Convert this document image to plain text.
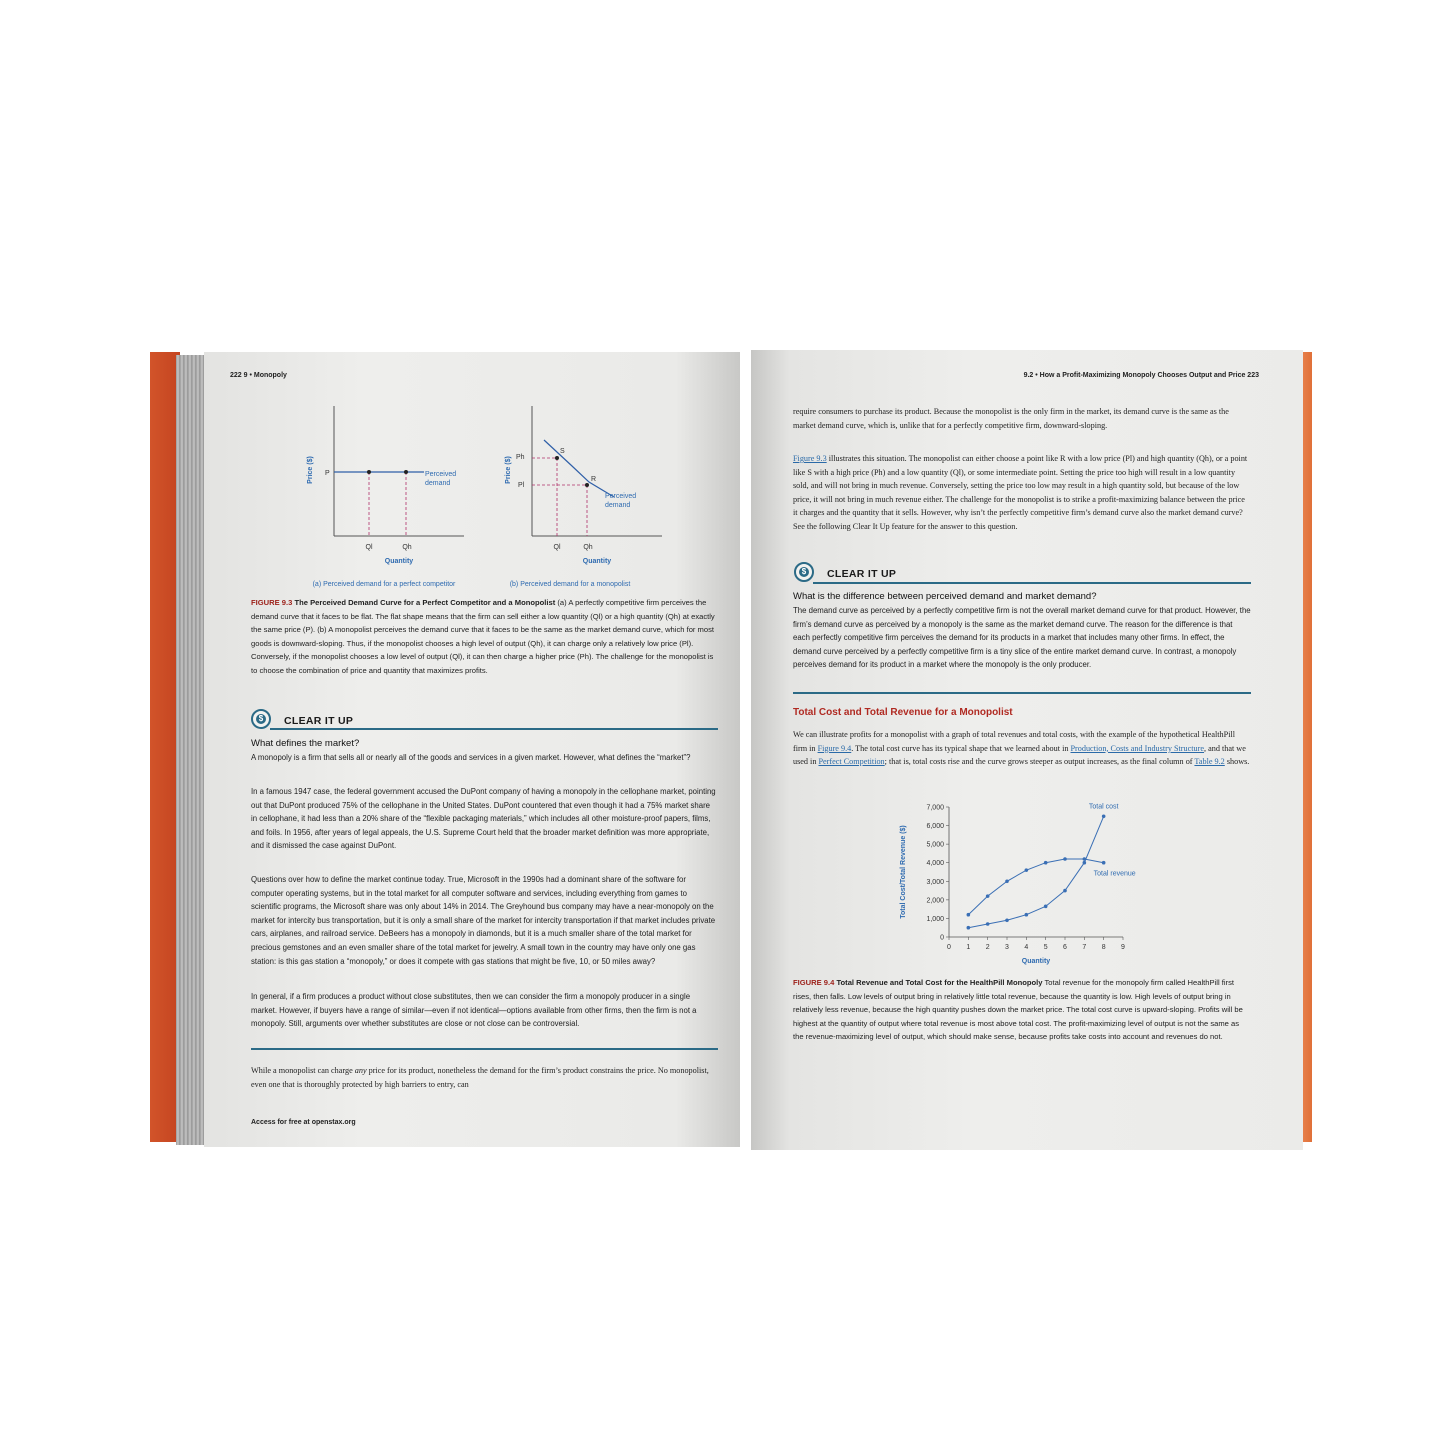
222 9 • Monopoly
Price ($) P	Perceived
demand
Ql	Qh
Quantity
(a) Perceived demand for a perfect competitor
Price ($) Ph
Pl
S
R
Perceived
demand
Ql	Qh
Quantity
(b) Perceived demand for a monopolist

FIGURE 9.3 The Perceived Demand Curve for a Perfect Competitor and a Monopolist (a) A perfectly competitive firm perceives the demand curve that it faces to be flat. The flat shape means that the firm can sell either a low quantity (Ql) or a high quantity (Qh) at exactly the same price (P). (b) A monopolist perceives the demand curve that it faces to be the same as the market demand curve, which for most goods is downward-sloping. Thus, if the monopolist chooses a high level of output (Qh), it can charge only a relatively low price (Pl). Conversely, if the monopolist chooses a low level of output (Ql), it can then charge a higher price (Ph). The challenge for the monopolist is to choose the combination of price and quantity that maximizes profits.

$ CLEAR IT UP
What defines the market?

A monopoly is a firm that sells all or nearly all of the goods and services in a given market. However, what defines the “market”?

In a famous 1947 case, the federal government accused the DuPont company of having a monopoly in the cellophane market, pointing out that DuPont produced 75% of the cellophane in the United States. DuPont countered that even though it had a 75% market share in cellophane, it had less than a 20% share of the “flexible packaging materials,” which includes all other moisture-proof papers, films, and foils. In 1956, after years of legal appeals, the U.S. Supreme Court held that the broader market definition was more appropriate, and it dismissed the case against DuPont.

Questions over how to define the market continue today. True, Microsoft in the 1990s had a dominant share of the software for computer operating systems, but in the total market for all computer software and services, including everything from games to scientific programs, the Microsoft share was only about 14% in 2014. The Greyhound bus company may have a near-monopoly on the market for intercity bus transportation, but it is only a small share of the market for intercity transportation if that market includes private cars, airplanes, and railroad service. DeBeers has a monopoly in diamonds, but it is a much smaller share of the total market for precious gemstones and an even smaller share of the total market for jewelry. A small town in the country may have only one gas station: is this gas station a “monopoly,” or does it compete with gas stations that might be five, 10, or 50 miles away?

In general, if a firm produces a product without close substitutes, then we can consider the firm a monopoly producer in a single market. However, if buyers have a range of similar—even if not identical—options available from other firms, then the firm is not a monopoly. Still, arguments over whether substitutes are close or not close can be controversial.

While a monopolist can charge any price for its product, nonetheless the demand for the firm’s product constrains the price. No monopolist, even one that is thoroughly protected by high barriers to entry, can

Access for free at openstax.org
9.2 • How a Profit-Maximizing Monopoly Chooses Output and Price 223

require consumers to purchase its product. Because the monopolist is the only firm in the market, its demand curve is the same as the market demand curve, which is, unlike that for a perfectly competitive firm, downward-sloping.

Figure 9.3 illustrates this situation. The monopolist can either choose a point like R with a low price (Pl) and high quantity (Qh), or a point like S with a high price (Ph) and a low quantity (Ql), or some intermediate point. Setting the price too high will result in a low quantity sold, and will not bring in much revenue. Conversely, setting the price too low may result in a high quantity sold, but because of the low price, it will not bring in much revenue either. The challenge for the monopolist is to strike a profit-maximizing balance between the price it charges and the quantity that it sells. However, why isn’t the perfectly competitive firm’s demand curve also the market demand curve? See the following Clear It Up feature for the answer to this question.

$ CLEAR IT UP
What is the difference between perceived demand and market demand?

The demand curve as perceived by a perfectly competitive firm is not the overall market demand curve for that product. However, the firm’s demand curve as perceived by a monopoly is the same as the market demand curve. The reason for the difference is that each perfectly competitive firm perceives the demand for its products in a market that includes many other firms. In effect, the demand curve perceived by a perfectly competitive firm is a tiny slice of the entire market demand curve. In contrast, a monopoly perceives demand for its product in a market where the monopoly is the only producer.

Total Cost and Total Revenue for a Monopolist

We can illustrate profits for a monopolist with a graph of total revenues and total costs, with the example of the hypothetical HealthPill firm in Figure 9.4. The total cost curve has its typical shape that we learned about in Production, Costs and Industry Structure, and that we used in Perfect Competition; that is, total costs rise and the curve grows steeper as output increases, as the final column of Table 9.2 shows.

0
1,000
2,000
3,000
4,000
5,000
6,000
7,000
0 1 2 3 4 5 6 7 8 9
Quantity
Total Cost/Total Revenue ($)
Total cost
Total revenue

FIGURE 9.4 Total Revenue and Total Cost for the HealthPill Monopoly Total revenue for the monopoly firm called HealthPill first rises, then falls. Low levels of output bring in relatively little total revenue, because the quantity is low. High levels of output bring in relatively less revenue, because the high quantity pushes down the market price. The total cost curve is upward-sloping. Profits will be highest at the quantity of output where total revenue is most above total cost. The profit-maximizing level of output is not the same as the revenue-maximizing level of output, which should make sense, because profits take costs into account and revenues do not.
